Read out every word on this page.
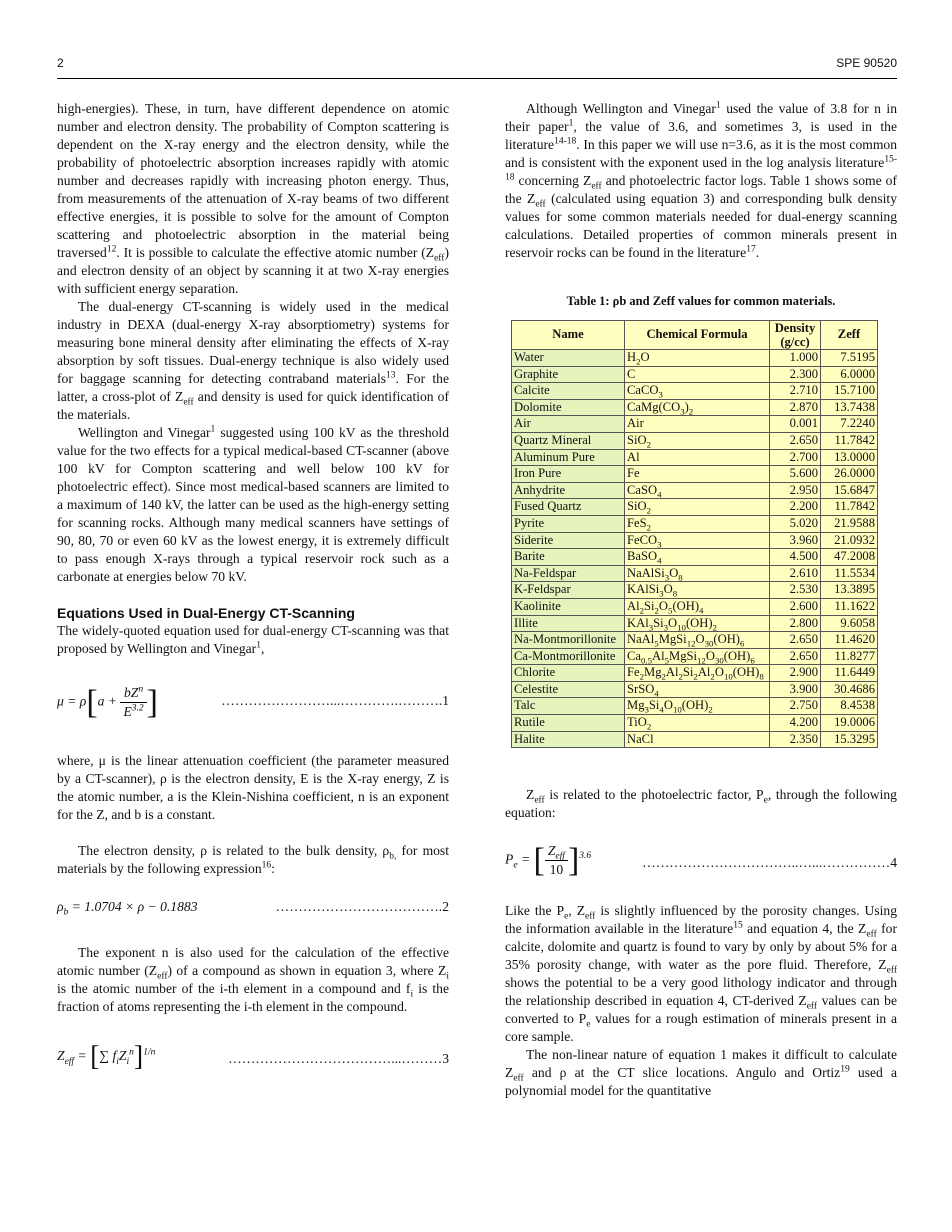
2	SPE 90520

high-energies). These, in turn, have different dependence on atomic number and electron density. The probability of Compton scattering is dependent on the X-ray energy and the electron density, while the probability of photoelectric absorption increases rapidly with atomic number and decreases rapidly with increasing photon energy. Thus, from measurements of the attenuation of X-ray beams of two different effective energies, it is possible to solve for the amount of Compton scattering and photoelectric absorption in the material being traversed$^{12}$. It is possible to calculate the effective atomic number $(Z_{eff})$ and electron density of an object by scanning it at two X-ray energies with sufficient energy separation.

The dual-energy CT-scanning is widely used in the medical industry in DEXA (dual-energy X-ray absorptiometry) systems for measuring bone mineral density after eliminating the effects of X-ray absorption by soft tissues. Dual-energy technique is also widely used for baggage scanning for detecting contraband materials$^{13}$. For the latter, a cross-plot of $Z_{eff}$ and density is used for quick identification of the materials.

Wellington and Vinegar$^1$ suggested using 100 kV as the threshold value for the two effects for a typical medical-based CT-scanner (above 100 kV for Compton scattering and well below 100 kV for photoelectric effect). Since most medical-based scanners are limited to a maximum of 140 kV, the latter can be used as the high-energy setting for scanning rocks. Although many medical scanners have settings of 90, 80, 70 or even 60 kV as the lowest energy, it is extremely difficult to pass enough X-rays through a typical reservoir rock such as a carbonate at energies below 70 kV.

Equations Used in Dual-Energy CT-Scanning

The widely-quoted equation used for dual-energy CT-scanning was that proposed by Wellington and Vinegar$^1$,

$\mu = \rho[a + \frac{bZ^n}{E^{3.2}}$ ]	……………………...………….……….1

where, μ is the linear attenuation coefficient (the parameter measured by a CT-scanner), ρ is the electron density, E is the X-ray energy, Z is the atomic number, a is the Klein-Nishina coefficient, n is an exponent for the Z, and b is a constant.

The electron density, ρ is related to the bulk density, $\rho_{b,}$ for most materials by the following expression$^{16}$:

$\rho_b = 1.0704 \times \rho - 0.1883$	……………………………….2

The exponent n is also used for the calculation of the effective atomic number $(Z_{eff})$ of a compound as shown in equation 3, where $Z_i$ is the atomic number of the i-th element in a compound and $f_i$ is the fraction of atoms representing the i-th element in the compound.

$Z_{eff}$ = [∑ $f_iZ_i^n]^{1/n}$	………………………………...………3

Although Wellington and Vinegar$^1$ used the value of 3.8 for n in their paper$^1$, the value of 3.6, and sometimes 3, is used in the literature$^{14-18}$. In this paper we will use n=3.6, as it is the most common and is consistent with the exponent used in the log analysis literature$^{15-18}$ concerning $Z_{eff}$ and photoelectric factor logs. Table 1 shows some of the $Z_{eff}$ (calculated using equation 3) and corresponding bulk density values for some common materials needed for dual-energy scanning calculations. Detailed properties of common minerals present in reservoir rocks can be found in the literature$^{17}$.

Table 1: ρb and Zeff values for common materials.
Name	Chemical Formula	Density (g/cc)	Zeff
Water	$H_2O$	1.000	7.5195
Graphite	C	2.300	6.0000
Calcite	CaCO$_3$	2.710	15.7100
Dolomite	$CaMg(CO_3)_2$	2.870	13.7438
Air	Air	0.001	7.2240
Quartz Mineral	SiO$_2$	2.650	11.7842
Aluminum Pure	Al	2.700	13.0000
Iron Pure	Fe	5.600	26.0000
Anhydrite	CaSO$_4$	2.950	15.6847
Fused Quartz	SiO$_2$	2.200	11.7842
Pyrite	FeS$_2$	5.020	21.9588
Siderite	FeCO$_3$	3.960	21.0932
Barite	BaSO$_4$	4.500	47.2008
Na-Feldspar	$NaAlSi_3O_8$	2.610	11.5534
K-Feldspar	$KAlSi_3O_8$	2.530	13.3895
Kaolinite	$Al_2Si_2O_5(OH)_4$	2.600	11.1622
Illite	$KAl_3Si_3O_{10}(OH)_2$	2.800	9.6058
Na-Montmorillonite	$NaAl_5MgSi_{12}O_{30}(OH)_6$	2.650	11.4620
Ca-Montmorillonite	$Ca_{0.5}Al_5MgSi_{12}O_{30}(OH)_6$	2.650	11.8277
Chlorite	$Fe_2Mg_2Al_2Si_2Al_2O_{10}(OH)_8$	2.900	11.6449
Celestite	SrSO$_4$	3.900	30.4686
Talc	$Mg_3Si_4O_{10}(OH)_2$	2.750	8.4538
Rutile	TiO$_2$	4.200	19.0006
Halite	NaCl	2.350	15.3295

$Z_{eff}$ is related to the photoelectric factor, $P_e$, through the following equation:

$P_e$ = [ $\frac{Z_{eff}}{10} ]^{3.6}$	……………………………..…...……………4

Like the $P_e$, $Z_{eff}$ is slightly influenced by the porosity changes. Using the information available in the literature$^{15}$ and equation 4, the $Z_{eff}$ for calcite, dolomite and quartz is found to vary by only by about 5% for a 35% porosity change, with water as the pore fluid. Therefore, $Z_{eff}$ shows the potential to be a very good lithology indicator and through the relationship described in equation 4, CT-derived $Z_{eff}$ values can be converted to $P_e$ values for a rough estimation of minerals present in a core sample.

The non-linear nature of equation 1 makes it difficult to calculate $Z_{eff}$ and ρ at the CT slice locations. Angulo and Ortiz$^{19}$ used a polynomial model for the quantitative
